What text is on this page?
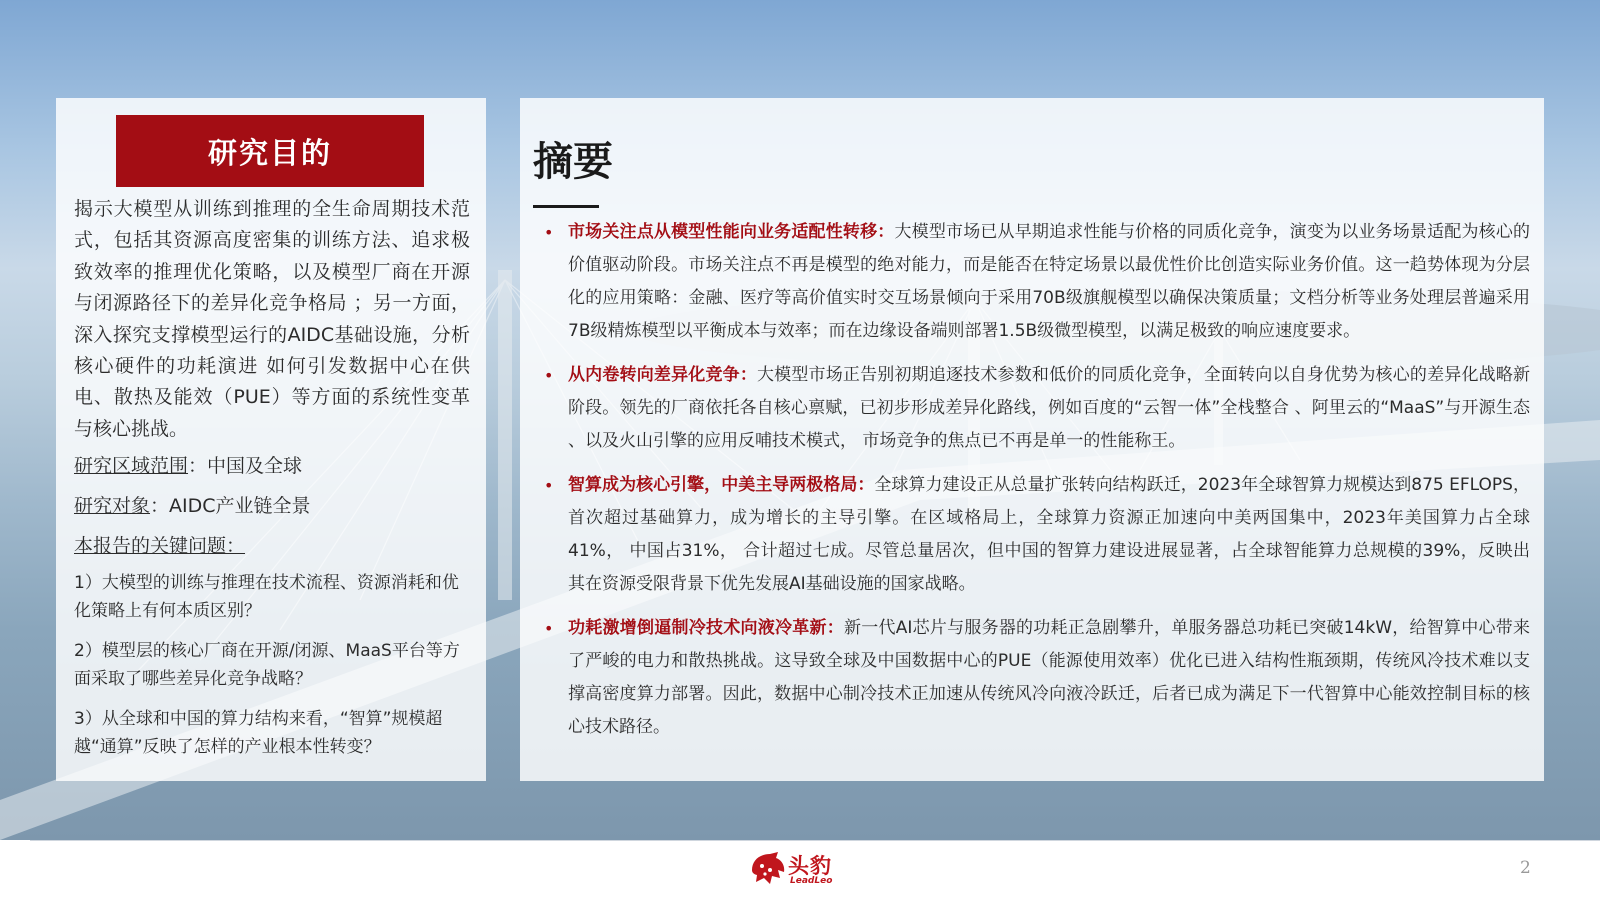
研究目的

揭示大模型从训练到推理的全生命周期技术范式，包括其资源高度密集的训练方法、追求极致效率的推理优化策略，以及模型厂商在开源与闭源路径下的差异化竞争格局 ；另一方面，深入探究支撑模型运行的AIDC基础设施，分析核心硬件的功耗演进 如何引发数据中心在供电、散热及能效（PUE）等方面的系统性变革与核心挑战。

研究区域范围：中国及全球
研究对象：AIDC产业链全景
本报告的关键问题：
1）大模型的训练与推理在技术流程、资源消耗和优化策略上有何本质区别？
2）模型层的核心厂商在开源/闭源、MaaS平台等方面采取了哪些差异化竞争战略？
3）从全球和中国的算力结构来看，“智算”规模超越“通算”反映了怎样的产业根本性转变？
摘要
• 市场关注点从模型性能向业务适配性转移：大模型市场已从早期追求性能与价格的同质化竞争，演变为以业务场景适配为核心的价值驱动阶段。市场关注点不再是模型的绝对能力，而是能否在特定场景以最优性价比创造实际业务价值。这一趋势体现为分层化的应用策略：金融、医疗等高价值实时交互场景倾向于采用70B级旗舰模型以确保决策质量；文档分析等业务处理层普遍采用7B级精炼模型以平衡成本与效率；而在边缘设备端则部署1.5B级微型模型，以满足极致的响应速度要求。
• 从内卷转向差异化竞争：大模型市场正告别初期追逐技术参数和低价的同质化竞争，全面转向以自身优势为核心的差异化战略新阶段。领先的厂商依托各自核心禀赋，已初步形成差异化路线，例如百度的“云智一体”全栈整合 、阿里云的“MaaS”与开源生态 、以及火山引擎的应用反哺技术模式， 市场竞争的焦点已不再是单一的性能称王。
• 智算成为核心引擎，中美主导两极格局：全球算力建设正从总量扩张转向结构跃迁，2023年全球智算力规模达到875 EFLOPS，首次超过基础算力，成为增长的主导引擎。在区域格局上，全球算力资源正加速向中美两国集中，2023年美国算力占全球41%， 中国占31%， 合计超过七成。尽管总量居次，但中国的智算力建设进展显著，占全球智能算力总规模的39%，反映出 其在资源受限背景下优先发展AI基础设施的国家战略。
• 功耗激增倒逼制冷技术向液冷革新：新一代AI芯片与服务器的功耗正急剧攀升，单服务器总功耗已突破14kW，给智算中心带来了严峻的电力和散热挑战。这导致全球及中国数据中心的PUE（能源使用效率）优化已进入结构性瓶颈期，传统风冷技术难以支撑高密度算力部署。因此，数据中心制冷技术正加速从传统风冷向液冷跃迁，后者已成为满足下一代智算中心能效控制目标的核心技术路径。
头豹
LeadLeo
2
